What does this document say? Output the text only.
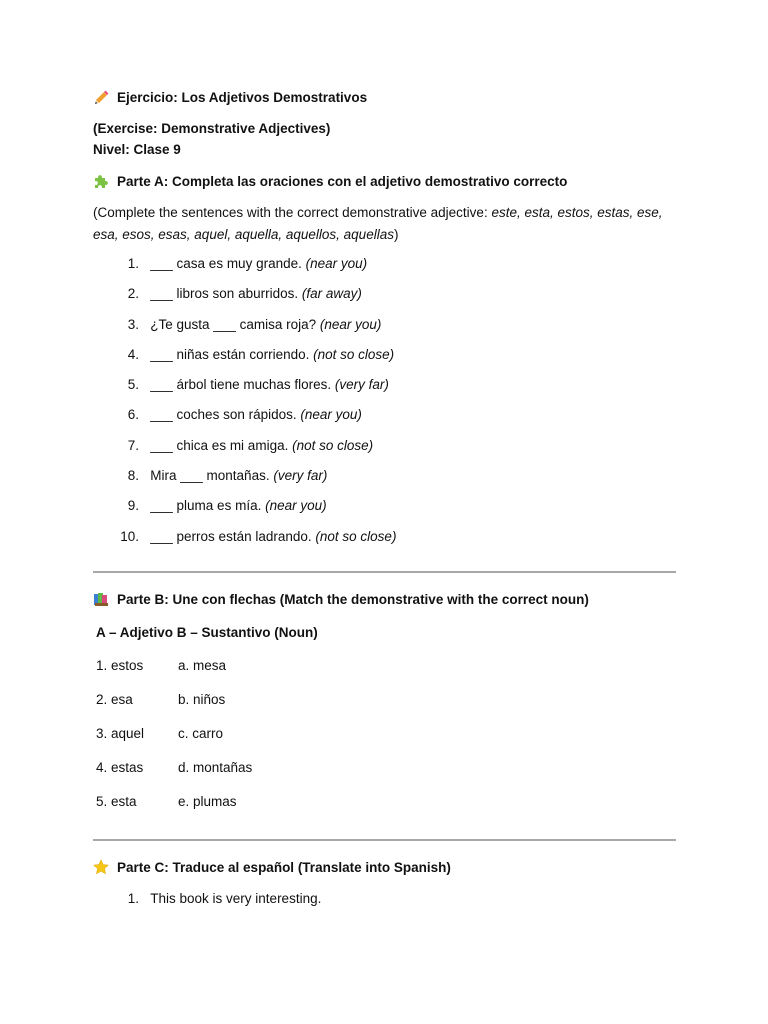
Ejercicio: Los Adjetivos Demostrativos
(Exercise: Demonstrative Adjectives)
Nivel: Clase 9
Parte A: Completa las oraciones con el adjetivo demostrativo correcto
(Complete the sentences with the correct demonstrative adjective: este, esta, estos, estas, ese, esa, esos, esas, aquel, aquella, aquellos, aquellas)
1. ___ casa es muy grande. (near you)
2. ___ libros son aburridos. (far away)
3. ¿Te gusta ___ camisa roja? (near you)
4. ___ niñas están corriendo. (not so close)
5. ___ árbol tiene muchas flores. (very far)
6. ___ coches son rápidos. (near you)
7. ___ chica es mi amiga. (not so close)
8. Mira ___ montañas. (very far)
9. ___ pluma es mía. (near you)
10. ___ perros están ladrando. (not so close)
Parte B: Une con flechas (Match the demonstrative with the correct noun)
A – Adjetivo B – Sustantivo (Noun)
1. estos	a. mesa
2. esa	b. niños
3. aquel	c. carro
4. estas	d. montañas
5. esta	e. plumas
Parte C: Traduce al español (Translate into Spanish)
1. This book is very interesting.
